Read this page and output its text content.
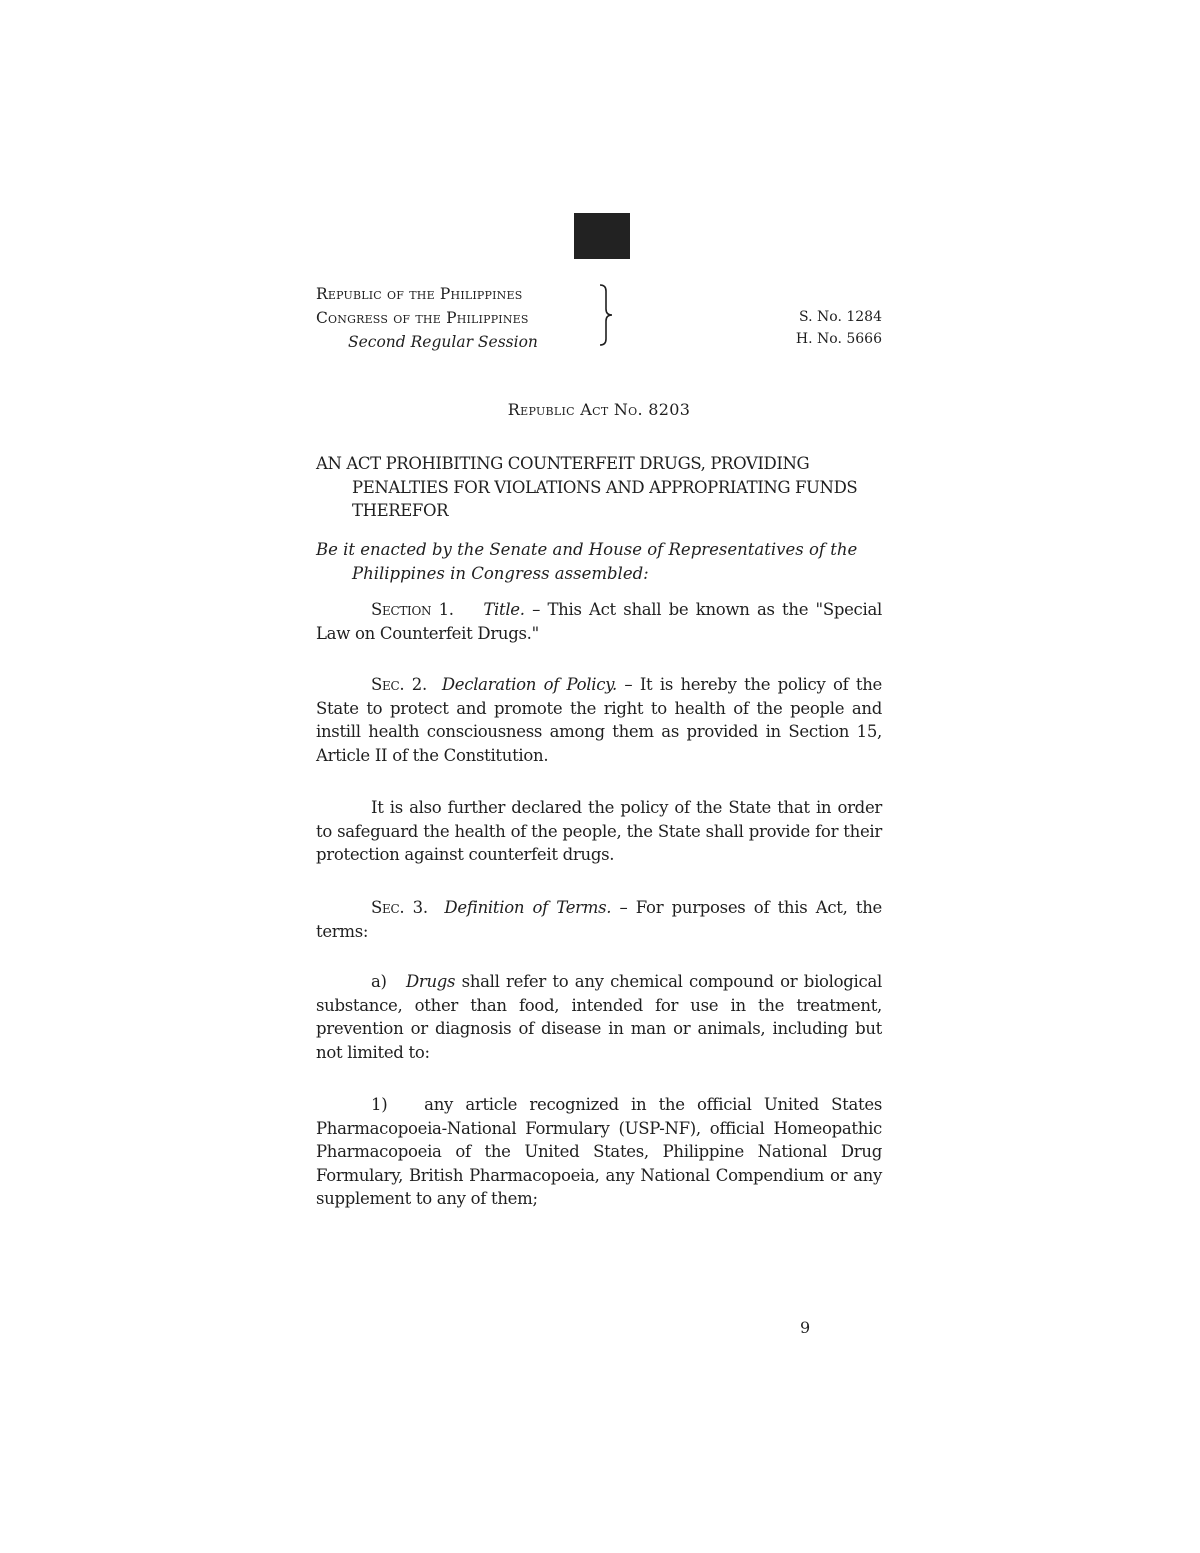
Republic of the Philippines
Congress of the Philippines
Second Regular Session
S. No. 1284
H. No. 5666
Republic Act No. 8203
AN ACT PROHIBITING COUNTERFEIT DRUGS, PROVIDING PENALTIES FOR VIOLATIONS AND APPROPRIATING FUNDS THEREFOR
Be it enacted by the Senate and House of Representatives of the Philippines in Congress assembled:

Section 1. Title. – This Act shall be known as the "Special Law on Counterfeit Drugs."

Sec. 2. Declaration of Policy. – It is hereby the policy of the State to protect and promote the right to health of the people and instill health consciousness among them as provided in Section 15, Article II of the Constitution.

It is also further declared the policy of the State that in order to safeguard the health of the people, the State shall provide for their protection against counterfeit drugs.

Sec. 3. Definition of Terms. – For purposes of this Act, the terms:

a) Drugs shall refer to any chemical compound or biological substance, other than food, intended for use in the treatment, prevention or diagnosis of disease in man or animals, including but not limited to:

1) any article recognized in the official United States Pharmacopoeia-National Formulary (USP-NF), official Homeopathic Pharmacopoeia of the United States, Philippine National Drug Formulary, British Pharmacopoeia, any National Compendium or any supplement to any of them;

9
